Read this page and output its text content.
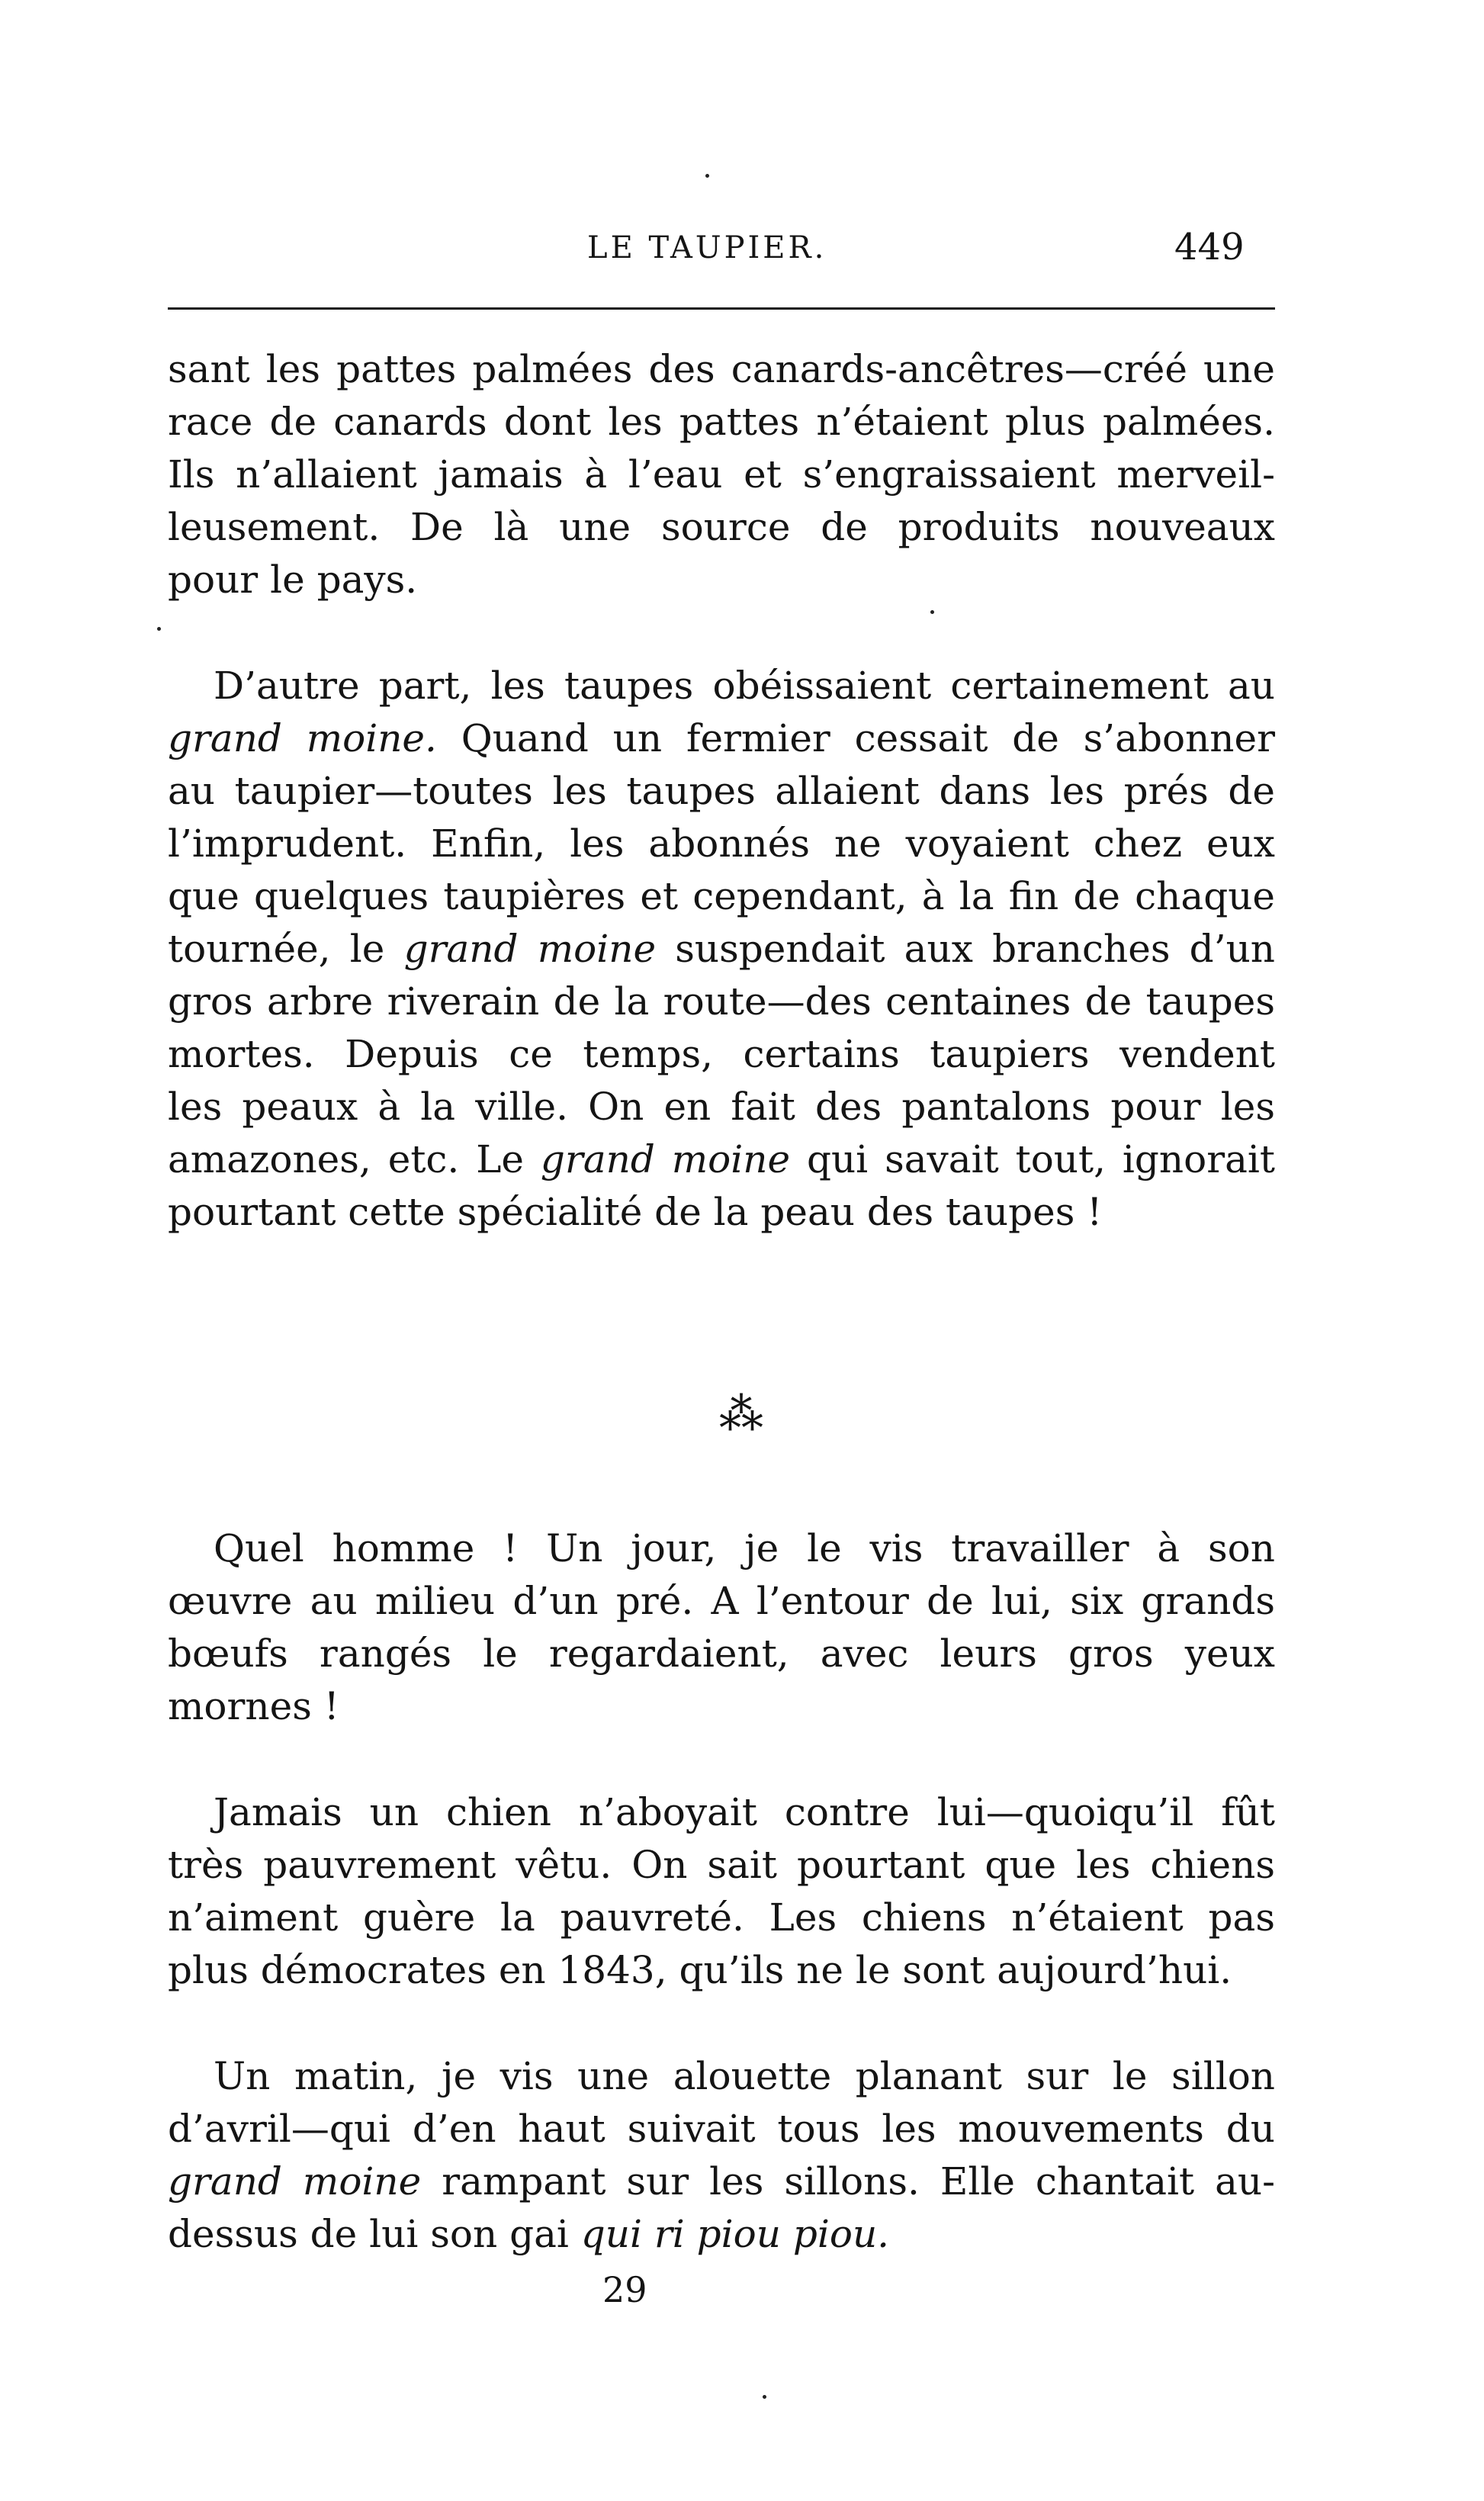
LE TAUPIER.	449

sant les pattes palmées des canards-ancêtres—créé une
race de canards dont les pattes n’étaient plus palmées.
Ils n’allaient jamais à l’eau et s’engraissaient merveil-
leusement. De là une source de produits nouveaux
pour le pays.

D’autre part, les taupes obéissaient certainement au
grand moine. Quand un fermier cessait de s’abonner
au taupier—toutes les taupes allaient dans les prés de
l’imprudent. Enfin, les abonnés ne voyaient chez eux
que quelques taupières et cependant, à la fin de chaque
tournée, le grand moine suspendait aux branches d’un
gros arbre riverain de la route—des centaines de taupes
mortes. Depuis ce temps, certains taupiers vendent
les peaux à la ville. On en fait des pantalons pour les
amazones, etc. Le grand moine qui savait tout, ignorait
pourtant cette spécialité de la peau des taupes !

Quel homme ! Un jour, je le vis travailler à son
œuvre au milieu d’un pré. A l’entour de lui, six grands
bœufs rangés le regardaient, avec leurs gros yeux
mornes !

Jamais un chien n’aboyait contre lui—quoiqu’il fût
très pauvrement vêtu. On sait pourtant que les chiens
n’aiment guère la pauvreté. Les chiens n’étaient pas
plus démocrates en 1843, qu’ils ne le sont aujourd’hui.

Un matin, je vis une alouette planant sur le sillon
d’avril—qui d’en haut suivait tous les mouvements du
grand moine rampant sur les sillons. Elle chantait au-
dessus de lui son gai qui ri piou piou.

⁂
29
